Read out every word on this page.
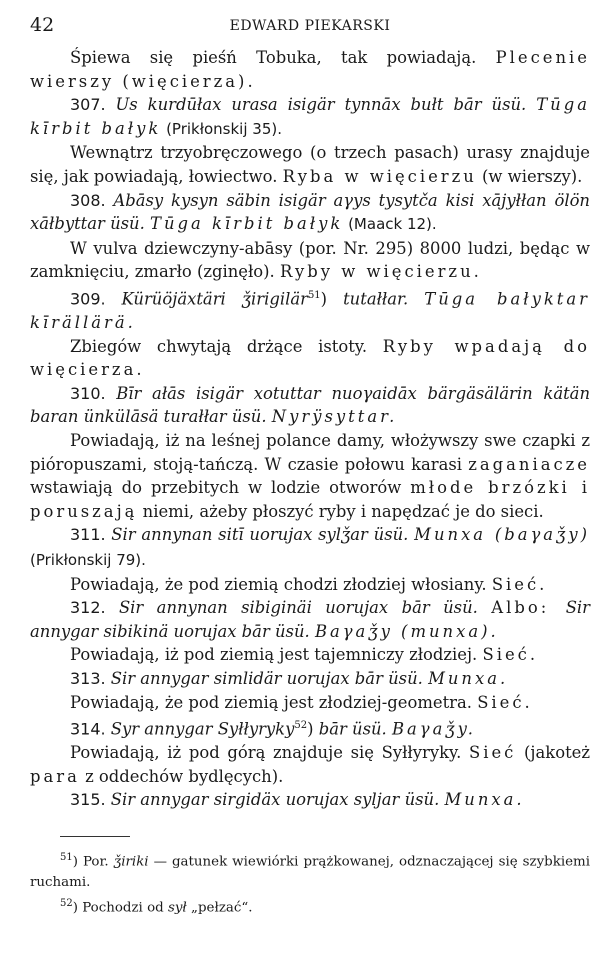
42	EDWARD PIEKARSKI

Śpiewa się pieśń Tobuka, tak powiadają. Plecenie wierszy (więcierza).

307. Us kurdūłax urasa isigär tynnāx bułt bār üsü. Tūga kīrbit bałyk (Prikłonskij 35).

Wewnątrz trzyobręczowego (o trzech pasach) urasy znajduje się, jak powiadają, łowiectwo. Ryba w więcierzu (w wierszy).

308. Abāsy kysyn säbin isigär aγys tysytča kisi xājyłłan ölön xāłbyttar üsü. Tūga kīrbit bałyk (Maack 12).

W vulva dziewczyny-abāsy (por. Nr. 295) 8000 ludzi, będąc w zamknięciu, zmarło (zginęło). Ryby w więcierzu.

309. Kürüöjäxtäri ǯirigilär$^{51}$) tutałłar. Tūga bałyktar kīrällärä.

Zbiegów chwytają drżące istoty. Ryby wpadają do więcierza.

310. Bīr ałās isigär xotuttar nuoγaidāx bärgäsälärin kätän baran ünkülāsä turałłar üsü. Nyrÿsyttar.

Powiadają, iż na leśnej polance damy, włożywszy swe czapki z pióropuszami, stoją-tańczą. W czasie połowu karasi zaganiacze wstawiają do przebitych w lodzie otworów młode brzózki i poruszają niemi, ażeby płoszyć ryby i napędzać je do sieci.

311. Sir annynan sitī uorujax sylǯar üsü. Munxa (baγaǯy) (Prikłonskij 79).

Powiadają, że pod ziemią chodzi złodziej włosiany. Sieć.

312. Sir annynan sibiginäi uorujax bār üsü. Albo: Sir annygar sibikinä uorujax bār üsü. Baγaǯy (munxa).

Powiadają, iż pod ziemią jest tajemniczy złodziej. Sieć.

313. Sir annygar simlidär uorujax bār üsü. Munxa.

Powiadają, że pod ziemią jest złodziej-geometra. Sieć.

314. Syr annygar Syłłyryky$^{52}$) bār üsü. Baγaǯy.

Powiadają, iż pod górą znajduje się Syłłyryky. Sieć (jakoteż para z oddechów bydlęcych).

315. Sir annygar sirgidäx uorujax syljar üsü. Munxa.

$^{51}$) Por. ǯiriki — gatunek wiewiórki prążkowanej, odznaczającej się szybkiemi ruchami.

$^{52}$) Pochodzi od sył „pełzać“.
